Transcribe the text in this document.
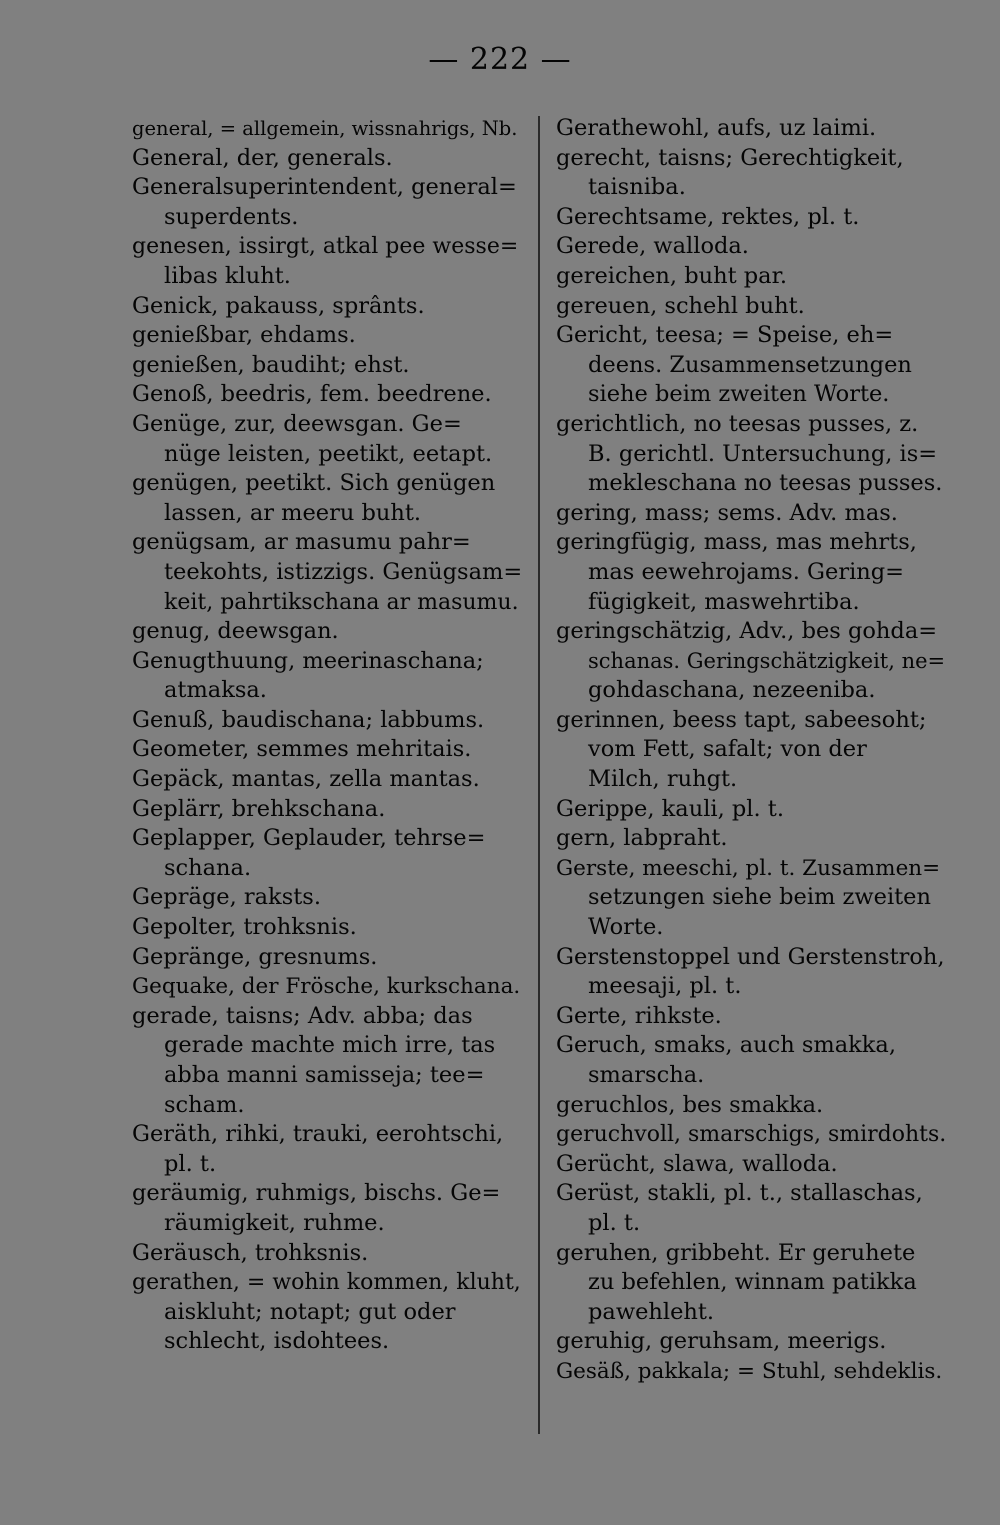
— 222 —
general, = allgemein, wissnahrigs, Nb.
General, der, generals.
Generalsuperintendent, general=
superdents.
genesen, issirgt, atkal pee wesse=
libas kluht.
Genick, pakauss, sprânts.
genießbar, ehdams.
genießen, baudiht; ehst.
Genoß, beedris, fem. beedrene.
Genüge, zur, deewsgan. Ge=
nüge leisten, peetikt, eetapt.
genügen, peetikt. Sich genügen
lassen, ar meeru buht.
genügsam, ar masumu pahr=
teekohts, istizzigs. Genügsam=
keit, pahrtikschana ar masumu.
genug, deewsgan.
Genugthuung, meerinaschana;
atmaksa.
Genuß, baudischana; labbums.
Geometer, semmes mehritais.
Gepäck, mantas, zella mantas.
Geplärr, brehkschana.
Geplapper, Geplauder, tehrse=
schana.
Gepräge, raksts.
Gepolter, trohksnis.
Gepränge, gresnums.
Gequake, der Frösche, kurkschana.
gerade, taisns; Adv. abba; das
gerade machte mich irre, tas
abba manni samisseja; tee=
scham.
Geräth, rihki, trauki, eerohtschi,
pl. t.
geräumig, ruhmigs, bischs. Ge=
räumigkeit, ruhme.
Geräusch, trohksnis.
gerathen, = wohin kommen, kluht,
aiskluht; notapt; gut oder
schlecht, isdohtees.
Gerathewohl, aufs, uz laimi.
gerecht, taisns; Gerechtigkeit,
taisniba.
Gerechtsame, rektes, pl. t.
Gerede, walloda.
gereichen, buht par.
gereuen, schehl buht.
Gericht, teesa; = Speise, eh=
deens. Zusammensetzungen
siehe beim zweiten Worte.
gerichtlich, no teesas pusses, z.
B. gerichtl. Untersuchung, is=
mekleschana no teesas pusses.
gering, mass; sems. Adv. mas.
geringfügig, mass, mas mehrts,
mas eewehrojams. Gering=
fügigkeit, maswehrtiba.
geringschätzig, Adv., bes gohda=
schanas. Geringschätzigkeit, ne=
gohdaschana, nezeeniba.
gerinnen, beess tapt, sabeesoht;
vom Fett, safalt; von der
Milch, ruhgt.
Gerippe, kauli, pl. t.
gern, labpraht.
Gerste, meeschi, pl. t. Zusammen=
setzungen siehe beim zweiten
Worte.
Gerstenstoppel und Gerstenstroh,
meesaji, pl. t.
Gerte, rihkste.
Geruch, smaks, auch smakka,
smarscha.
geruchlos, bes smakka.
geruchvoll, smarschigs, smirdohts.
Gerücht, slawa, walloda.
Gerüst, stakli, pl. t., stallaschas,
pl. t.
geruhen, gribbeht. Er geruhete
zu befehlen, winnam patikka
pawehleht.
geruhig, geruhsam, meerigs.
Gesäß, pakkala; = Stuhl, sehdeklis.
